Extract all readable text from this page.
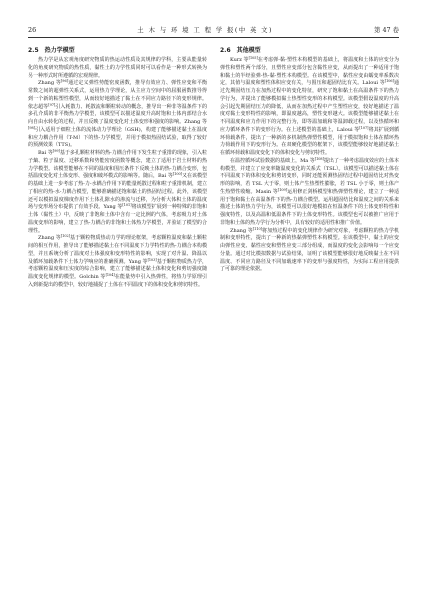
26	土 木 与 环 境 工 程 学 报(中 英 文)	第 47 卷
2.5　热力学模型

热力学是从宏观角度研究物质的热运动性质及其规律的学科，主要从能量转化的角度研究物质的热性质，黏性土的力学性质同时可以看作是一种形式转换为另一种形式时所遵循的宏观规律。

Zhang 等[96]通过定义弹性势能密度函数，推导有效应力、弹性应变和平衡常数之间的超弹性关系式，运用热力学理论，从主应力空间中的屈服函数推导得到一个新的粘塑性模型，从而较好地描述了黏土在不同应力路径下的变形规律。依志超等[97]引入耗散力、耗散流和颗粒转动的概念，推导出一种非等温条件下的多孔介质的非平衡热力学模型，该模型可以描述温度升高时饱和土体内部结合水向自由水转化的过程，并且反映了温度变化对土体变形和强度的影响。Zhang 等[98]引入适用于细粒土体的流体动力学理论（GSH)，构建了能够描述黏土在温度和应力耦合作用（T-M）下的热-力学模型，并用于模拟热固结试验，取得了较好的预测效果（TTS)。

Bai 等[99]基于多孔颗粒材料的热-力耦合作用下发生粒子重排的现象，引入粒子熵、粒子温度、迁移系数和势能密度函数等概念，建立了适用于岩土材料的热力学模型。该模型能够在不同的温度和围压条件下反映土体的热-力耦合变形，包括温度变化对土体变形、强度和破坏模式的影响等。随后，Bai 等[100]又在该模型的基础上进一步考虑了热-力-水耦合作用下的能量耗散过程和粒子重排机制，建立了相应的热-水-力耦合模型，能够准确描述饱和黏土的热固结过程。此外，该模型还可以模拟温度梯度作用下土体孔隙水的渗流与迁移，为分析大体积土体的温度场与变形场分布提供了有效手段。Yang 等[101]将该模型扩展到一种特殊的非饱和土体（黏性土）中，反映了非饱和土体中含有一定比例的气体，考虑吸力对土体温度变形的影响，建立了热-力耦合的非饱和土体热力学模型，并验证了模型的合理性。

Zhang 等[102]基于颗粒物质热动力学的理论框架，考虑颗粒温度和黏土颗粒间的相互作用，推导出了能够描述黏土在不同温度下力学特性的热-力耦合本构模型，并且系统分析了温度对土体强度和变形特性的影响，实现了对升温、降温以及循环加载条件下土体力学响应的准确预测。Yang 等[103]基于颗粒物质热力学，考虑颗粒温度和压实度的综合影响，建立了能够描述黏土体积变化和剪切强度随温度变化规律的模型。Golchin 等[104]在能量势中引入热弹性，将热力学原理引入到新提出的模型中，较好地捕捉了土体在不同温度下的体积变化和剪切特性。

2.6　其他模型

Kurz 等[105]在考虑弹-黏-塑性本构模型的基础上，将温度和土体的应变分为弹性和塑性两个部分，且塑性应变部分包含黏性应变，从而提出了一种适用于饱和黏土的半经验弹-热-黏-塑性本构模型。在该模型中，黏性应变由蠕变率系数决定，其值与温度和塑性体积应变有关，与围压和超固结比有关。Laloui 等[106]通过先期固结压力在加热过程中的变化特征，研究了饱和黏土在高温条件下的热力学行为，并提出了能够模拟黏土热塑性变形的本构模型。该模型假设温度的升高会引起先期固结压力的降低，从而在加热过程中产生塑性应变，较好地描述了温度对黏土变形特性的影响，即温度越高，塑性变形越大。该模型能够描述黏土在不同温度和应力作用下的完整行为，即等温加载和等温卸载过程，以及热循环和应力循环条件下的变形行为。在上述模型的基础上，Laloui 等[107]将其扩展到循环荷载条件，提出了一种新的多机制热弹塑性模型，用于模拟饱和土体在循环热力荷载作用下的变形行为。在双硬化模型的框架下，该模型能够较好地描述黏土在循环荷载和温度变化下的体积变化与剪切特性。

在温控循环试验数据的基础上，Ma 等[108]提出了一种考虑温度效应的土体本构模型，并建立了应变率随温度变化的关系式（TSL）。该模型可以描述黏土体在不同温度下的体积变化和剪切变形，同时还能预测热固结过程中超固结比对热变形的影响，若 TSL 大于零，则土体产生热塑性膨胀，若 TSL 小于零，则土体产生热塑性收缩。Masin 等[109]运用修正剑桥模型和热弹塑性理论，建立了一种适用于饱和黏土在高温条件下的热-力耦合模型。运用超固结比和温度之间的关系来描述土体的热力学行为，该模型可以很好地模拟在恒温条件下的土体变形特性和强度特性，以及高温和低温条件下的土体变形特性。该模型也可以被推广应用于非饱和土体的热力学行为分析中，具有较好的适用性和推广价值。

Zhang 等[110]将加热过程中的变化规律作为研究对象，考虑颗粒的热力学机制和变形特性，提出了一种新的热黏弹塑性本构模型。在该模型中，黏土的应变由弹性应变、黏性应变和塑性应变三部分组成，而温度的变化会影响每一个应变分量。通过对比模拟数据与试验结果，证明了该模型能够很好地反映黏土在不同温度、不同应力路径及不同加载速率下的变形与强度特性，为实际工程应用提供了可靠的理论依据。
